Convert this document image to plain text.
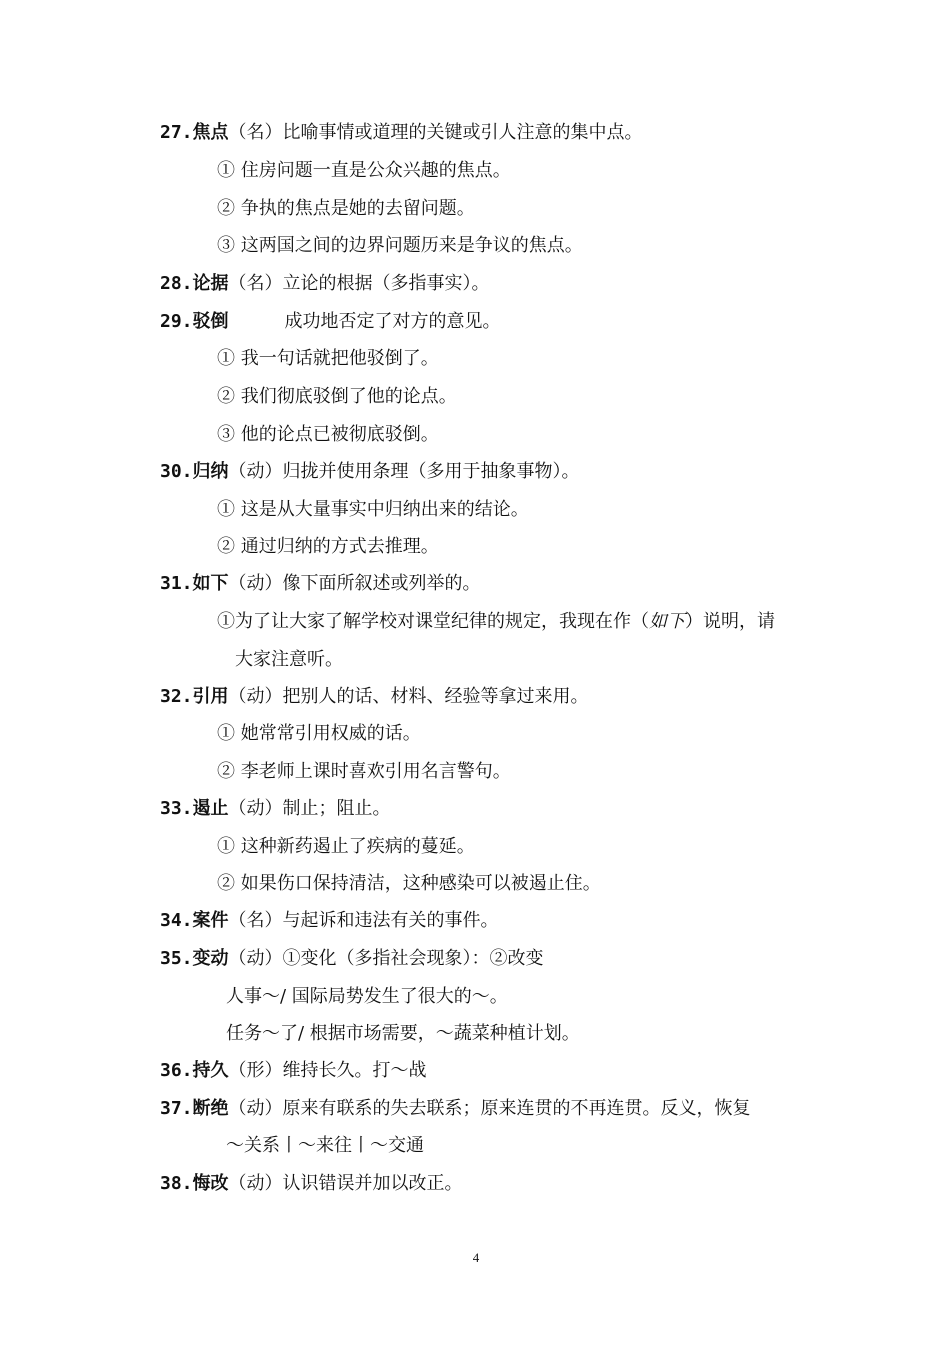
27.焦点（名）比喻事情或道理的关键或引人注意的集中点。
① 住房问题一直是公众兴趣的焦点。
② 争执的焦点是她的去留问题。
③ 这两国之间的边界问题历来是争议的焦点。
28.论据（名）立论的根据（多指事实）。
29.驳倒	成功地否定了对方的意见。
① 我一句话就把他驳倒了。
② 我们彻底驳倒了他的论点。
③ 他的论点已被彻底驳倒。
30.归纳（动）归拢并使用条理（多用于抽象事物）。
① 这是从大量事实中归纳出来的结论。
② 通过归纳的方式去推理。
31.如下（动）像下面所叙述或列举的。
①为了让大家了解学校对课堂纪律的规定，我现在作（如下）说明，请
大家注意听。
32.引用（动）把别人的话、材料、经验等拿过来用。
① 她常常引用权威的话。
② 李老师上课时喜欢引用名言警句。
33.遏止（动）制止；阻止。
① 这种新药遏止了疾病的蔓延。
② 如果伤口保持清洁，这种感染可以被遏止住。
34.案件（名）与起诉和违法有关的事件。
35.变动（动）①变化（多指社会现象）：②改变
人事～/ 国际局势发生了很大的～。
任务～了/ 根据市场需要，～蔬菜种植计划。
36.持久（形）维持长久。打～战
37.断绝（动）原来有联系的失去联系；原来连贯的不再连贯。反义，恢复
～关系丨～来往丨～交通
38.悔改（动）认识错误并加以改正。
4
